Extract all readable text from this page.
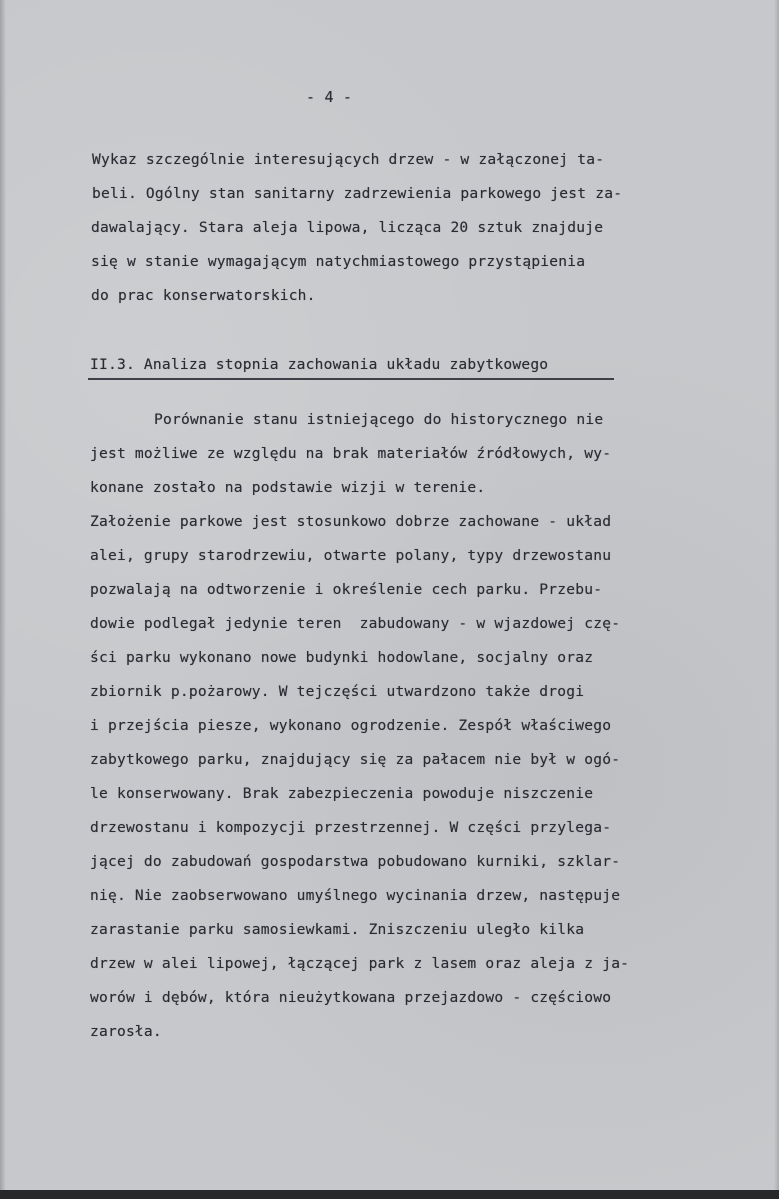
- 4 -
Wykaz szczególnie interesujących drzew - w załączonej ta-
beli. Ogólny stan sanitarny zadrzewienia parkowego jest za-
dawalający. Stara aleja lipowa, licząca 20 sztuk znajduje
się w stanie wymagającym natychmiastowego przystąpienia
do prac konserwatorskich.
II.3. Analiza stopnia zachowania układu zabytkowego
Porównanie stanu istniejącego do historycznego nie
jest możliwe ze względu na brak materiałów źródłowych, wy-
konane zostało na podstawie wizji w terenie.
Założenie parkowe jest stosunkowo dobrze zachowane - układ
alei, grupy starodrzewiu, otwarte polany, typy drzewostanu
pozwalają na odtworzenie i określenie cech parku. Przebu-
dowie podlegał jedynie teren  zabudowany - w wjazdowej czę-
ści parku wykonano nowe budynki hodowlane, socjalny oraz
zbiornik p.pożarowy. W tejczęści utwardzono także drogi
i przejścia piesze, wykonano ogrodzenie. Zespół właściwego
zabytkowego parku, znajdujący się za pałacem nie był w ogó-
le konserwowany. Brak zabezpieczenia powoduje niszczenie
drzewostanu i kompozycji przestrzennej. W części przylega-
jącej do zabudowań gospodarstwa pobudowano kurniki, szklar-
nię. Nie zaobserwowano umyślnego wycinania drzew, następuje
zarastanie parku samosiewkami. Zniszczeniu uległo kilka
drzew w alei lipowej, łączącej park z lasem oraz aleja z ja-
worów i dębów, która nieużytkowana przejazdowo - częściowo
zarosła.
